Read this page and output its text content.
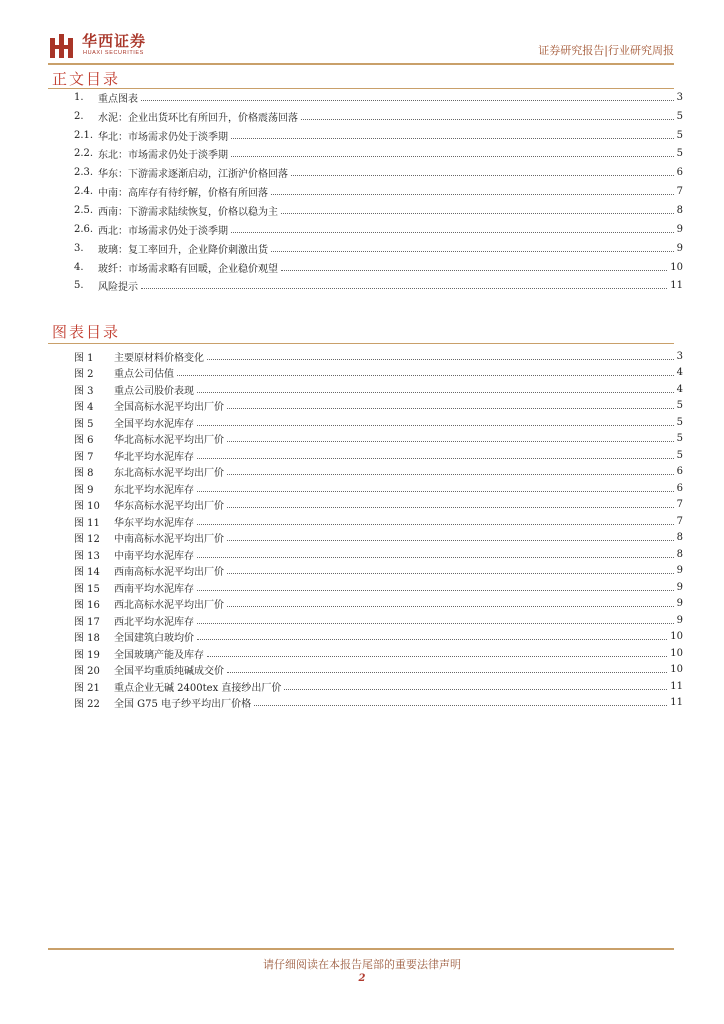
华西证券
HUAXI SECURITIES	证券研究报告|行业研究周报
正文目录
1.	重点图表	3
2.	水泥：企业出货环比有所回升，价格震荡回落	5
2.1. 华北：市场需求仍处于淡季期	5
2.2. 东北：市场需求仍处于淡季期	5
2.3. 华东：下游需求逐渐启动，江浙沪价格回落	6
2.4. 中南：高库存有待纾解，价格有所回落	7
2.5. 西南：下游需求陆续恢复，价格以稳为主	8
2.6. 西北：市场需求仍处于淡季期	9
3.	玻璃：复工率回升，企业降价刺激出货	9
4.	玻纤：市场需求略有回暖，企业稳价观望	10
5.	风险提示	11
图表目录
图 1	主要原材料价格变化	3
图 2	重点公司估值	4
图 3	重点公司股价表现	4
图 4	全国高标水泥平均出厂价	5
图 5	全国平均水泥库存	5
图 6	华北高标水泥平均出厂价	5
图 7	华北平均水泥库存	5
图 8	东北高标水泥平均出厂价	6
图 9	东北平均水泥库存	6
图 10	华东高标水泥平均出厂价	7
图 11	华东平均水泥库存	7
图 12	中南高标水泥平均出厂价	8
图 13	中南平均水泥库存	8
图 14	西南高标水泥平均出厂价	9
图 15	西南平均水泥库存	9
图 16	西北高标水泥平均出厂价	9
图 17	西北平均水泥库存	9
图 18	全国建筑白玻均价	10
图 19	全国玻璃产能及库存	10
图 20	全国平均重质纯碱成交价	10
图 21	重点企业无碱 2400tex 直接纱出厂价	11
图 22	全国 G75 电子纱平均出厂价格	11
请仔细阅读在本报告尾部的重要法律声明
2
